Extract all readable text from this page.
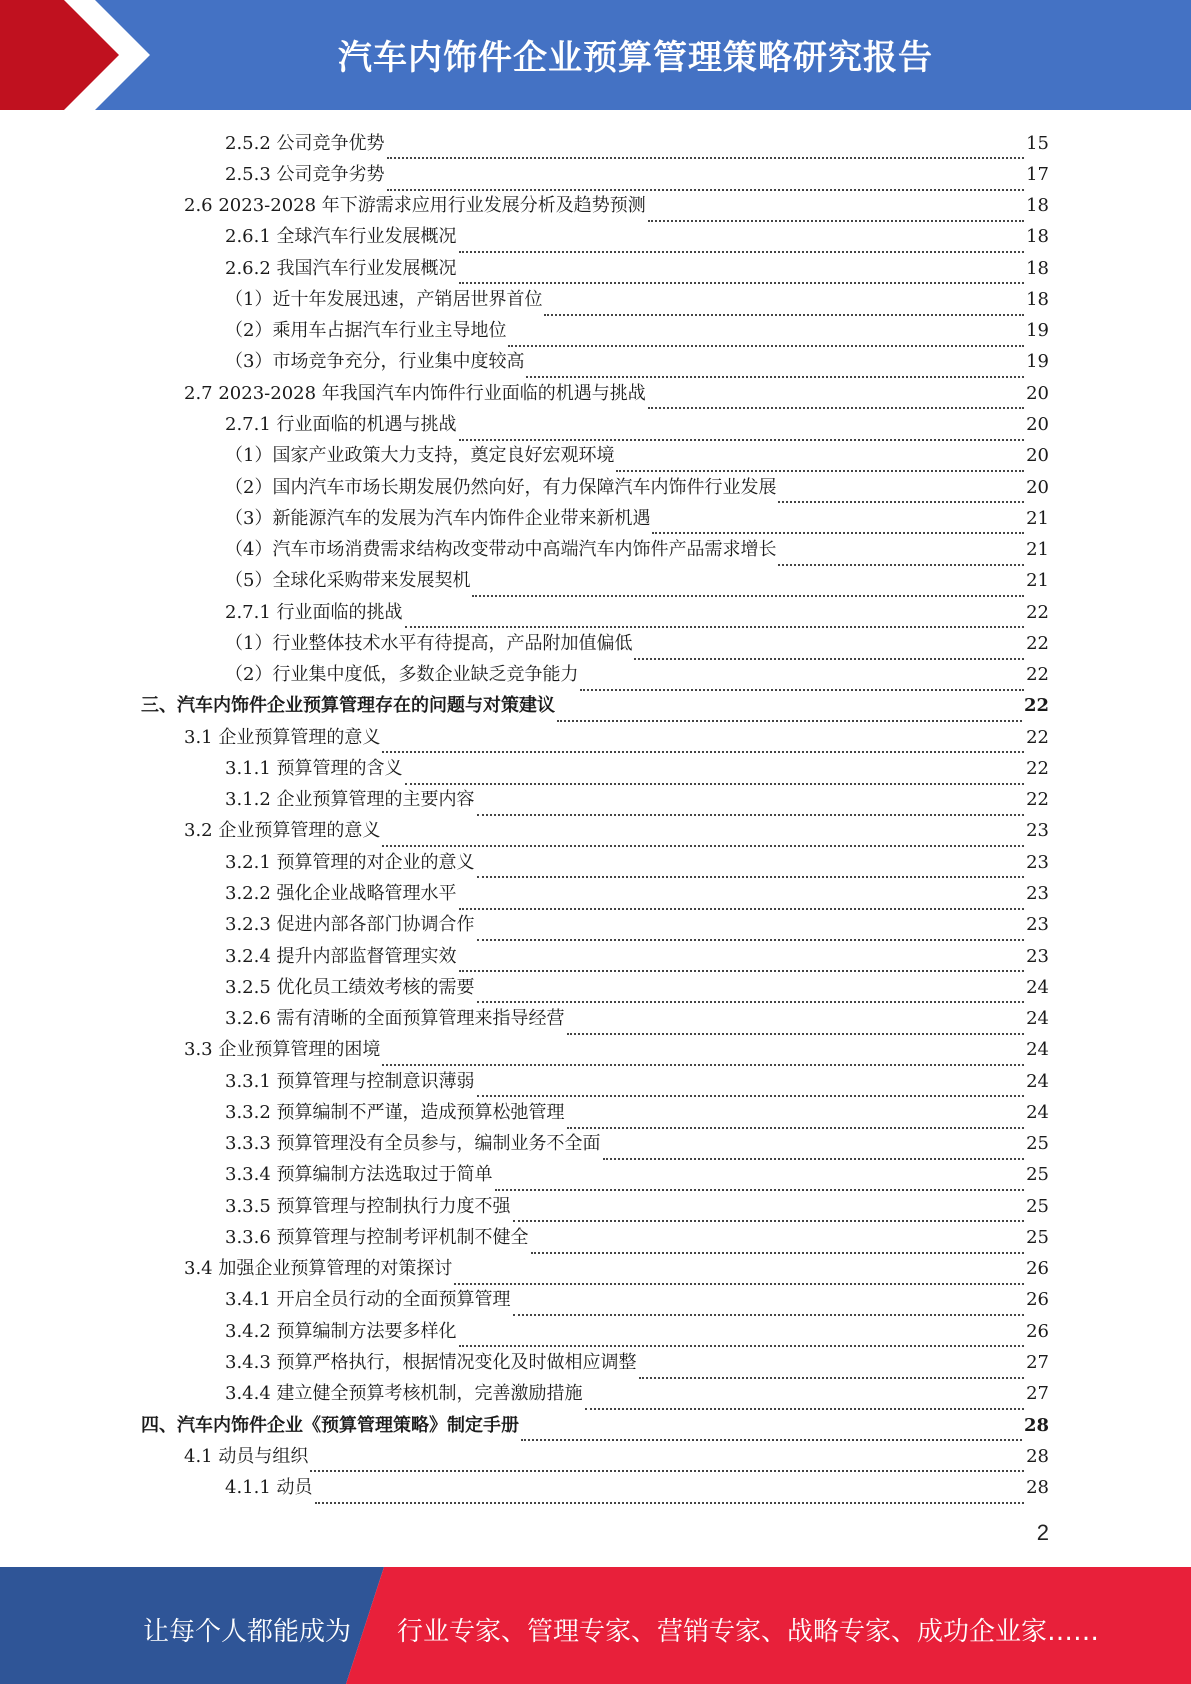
汽车内饰件企业预算管理策略研究报告
2.5.2 公司竞争优势	15
2.5.3 公司竞争劣势	17
2.6 2023-2028 年下游需求应用行业发展分析及趋势预测	18
2.6.1 全球汽车行业发展概况	18
2.6.2 我国汽车行业发展概况	18
（1）近十年发展迅速，产销居世界首位	18
（2）乘用车占据汽车行业主导地位	19
（3）市场竞争充分，行业集中度较高	19
2.7 2023-2028 年我国汽车内饰件行业面临的机遇与挑战	20
2.7.1 行业面临的机遇与挑战	20
（1）国家产业政策大力支持，奠定良好宏观环境	20
（2）国内汽车市场长期发展仍然向好，有力保障汽车内饰件行业发展	20
（3）新能源汽车的发展为汽车内饰件企业带来新机遇	21
（4）汽车市场消费需求结构改变带动中高端汽车内饰件产品需求增长	21
（5）全球化采购带来发展契机	21
2.7.1 行业面临的挑战	22
（1）行业整体技术水平有待提高，产品附加值偏低	22
（2）行业集中度低，多数企业缺乏竞争能力	22
三、汽车内饰件企业预算管理存在的问题与对策建议	22
3.1 企业预算管理的意义	22
3.1.1 预算管理的含义	22
3.1.2 企业预算管理的主要内容	22
3.2 企业预算管理的意义	23
3.2.1 预算管理的对企业的意义	23
3.2.2 强化企业战略管理水平	23
3.2.3 促进内部各部门协调合作	23
3.2.4 提升内部监督管理实效	23
3.2.5 优化员工绩效考核的需要	24
3.2.6 需有清晰的全面预算管理来指导经营	24
3.3 企业预算管理的困境	24
3.3.1 预算管理与控制意识薄弱	24
3.3.2 预算编制不严谨，造成预算松弛管理	24
3.3.3 预算管理没有全员参与，编制业务不全面	25
3.3.4 预算编制方法选取过于简单	25
3.3.5 预算管理与控制执行力度不强	25
3.3.6 预算管理与控制考评机制不健全	25
3.4 加强企业预算管理的对策探讨	26
3.4.1 开启全员行动的全面预算管理	26
3.4.2 预算编制方法要多样化	26
3.4.3 预算严格执行，根据情况变化及时做相应调整	27
3.4.4 建立健全预算考核机制，完善激励措施	27
四、汽车内饰件企业《预算管理策略》制定手册	28
4.1 动员与组织	28
4.1.1 动员	28
2
让每个人都能成为 行业专家、管理专家、营销专家、战略专家、成功企业家……
